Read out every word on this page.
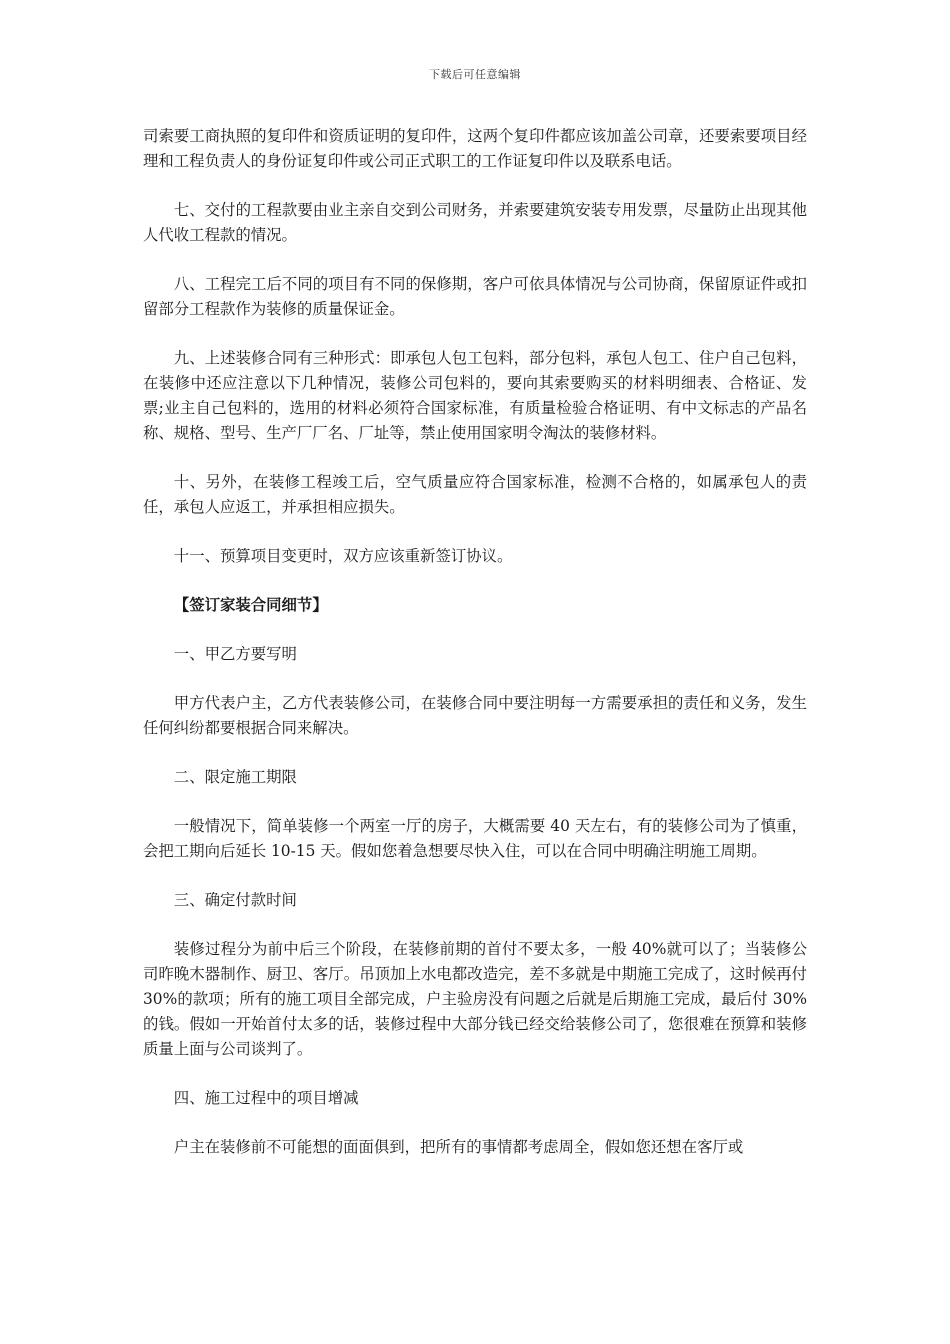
下载后可任意编辑

司索要工商执照的复印件和资质证明的复印件，这两个复印件都应该加盖公司章，还要索要项目经理和工程负责人的身份证复印件或公司正式职工的工作证复印件以及联系电话。

七、交付的工程款要由业主亲自交到公司财务，并索要建筑安装专用发票，尽量防止出现其他人代收工程款的情况。

八、工程完工后不同的项目有不同的保修期，客户可依具体情况与公司协商，保留原证件或扣留部分工程款作为装修的质量保证金。

九、上述装修合同有三种形式：即承包人包工包料，部分包料，承包人包工、住户自己包料，在装修中还应注意以下几种情况，装修公司包料的，要向其索要购买的材料明细表、合格证、发票;业主自己包料的，选用的材料必须符合国家标准，有质量检验合格证明、有中文标志的产品名称、规格、型号、生产厂厂名、厂址等，禁止使用国家明令淘汰的装修材料。

十、另外，在装修工程竣工后，空气质量应符合国家标准，检测不合格的，如属承包人的责任，承包人应返工，并承担相应损失。

十一、预算项目变更时，双方应该重新签订协议。

【签订家装合同细节】

一、甲乙方要写明

甲方代表户主，乙方代表装修公司，在装修合同中要注明每一方需要承担的责任和义务，发生任何纠纷都要根据合同来解决。

二、限定施工期限

一般情况下，简单装修一个两室一厅的房子，大概需要 40 天左右，有的装修公司为了慎重，会把工期向后延长 10-15 天。假如您着急想要尽快入住，可以在合同中明确注明施工周期。

三、确定付款时间

装修过程分为前中后三个阶段，在装修前期的首付不要太多，一般 40%就可以了；当装修公司昨晚木器制作、厨卫、客厅。吊顶加上水电都改造完，差不多就是中期施工完成了，这时候再付 30%的款项；所有的施工项目全部完成，户主验房没有问题之后就是后期施工完成，最后付 30%的钱。假如一开始首付太多的话，装修过程中大部分钱已经交给装修公司了，您很难在预算和装修质量上面与公司谈判了。

四、施工过程中的项目增减

户主在装修前不可能想的面面俱到，把所有的事情都考虑周全，假如您还想在客厅或
